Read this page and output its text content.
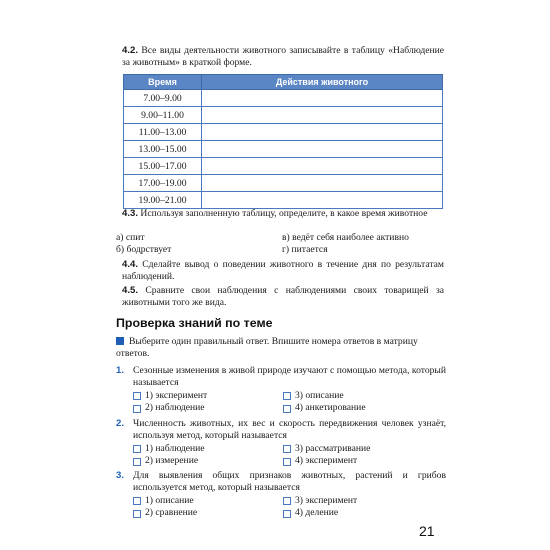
4.2. Все виды деятельности животного записывайте в таблицу «Наблюдение за животным» в краткой форме.
Время	Действия животного
7.00–9.00	
9.00–11.00	
11.00–13.00	
13.00–15.00	
15.00–17.00	
17.00–19.00	
19.00–21.00	
4.3. Используя заполненную таблицу, определите, в какое время животное
а) спит
б) бодрствует
в) ведёт себя наиболее активно
г) питается
4.4. Сделайте вывод о поведении животного в течение дня по результатам наблюдений.
4.5. Сравните свои наблюдения с наблюдениями своих товарищей за животными того же вида.
Проверка знаний по теме
Выберите один правильный ответ. Впишите номера ответов в матрицу ответов.
1. Сезонные изменения в живой природе изучают с помощью метода, который называется
1) эксперимент
2) наблюдение
3) описание
4) анкетирование
2. Численность животных, их вес и скорость передвижения человек узнаёт, используя метод, который называется
1) наблюдение
2) измерение
3) рассматривание
4) эксперимент
3. Для выявления общих признаков животных, растений и грибов используется метод, который называется
1) описание
2) сравнение
3) эксперимент
4) деление
21
